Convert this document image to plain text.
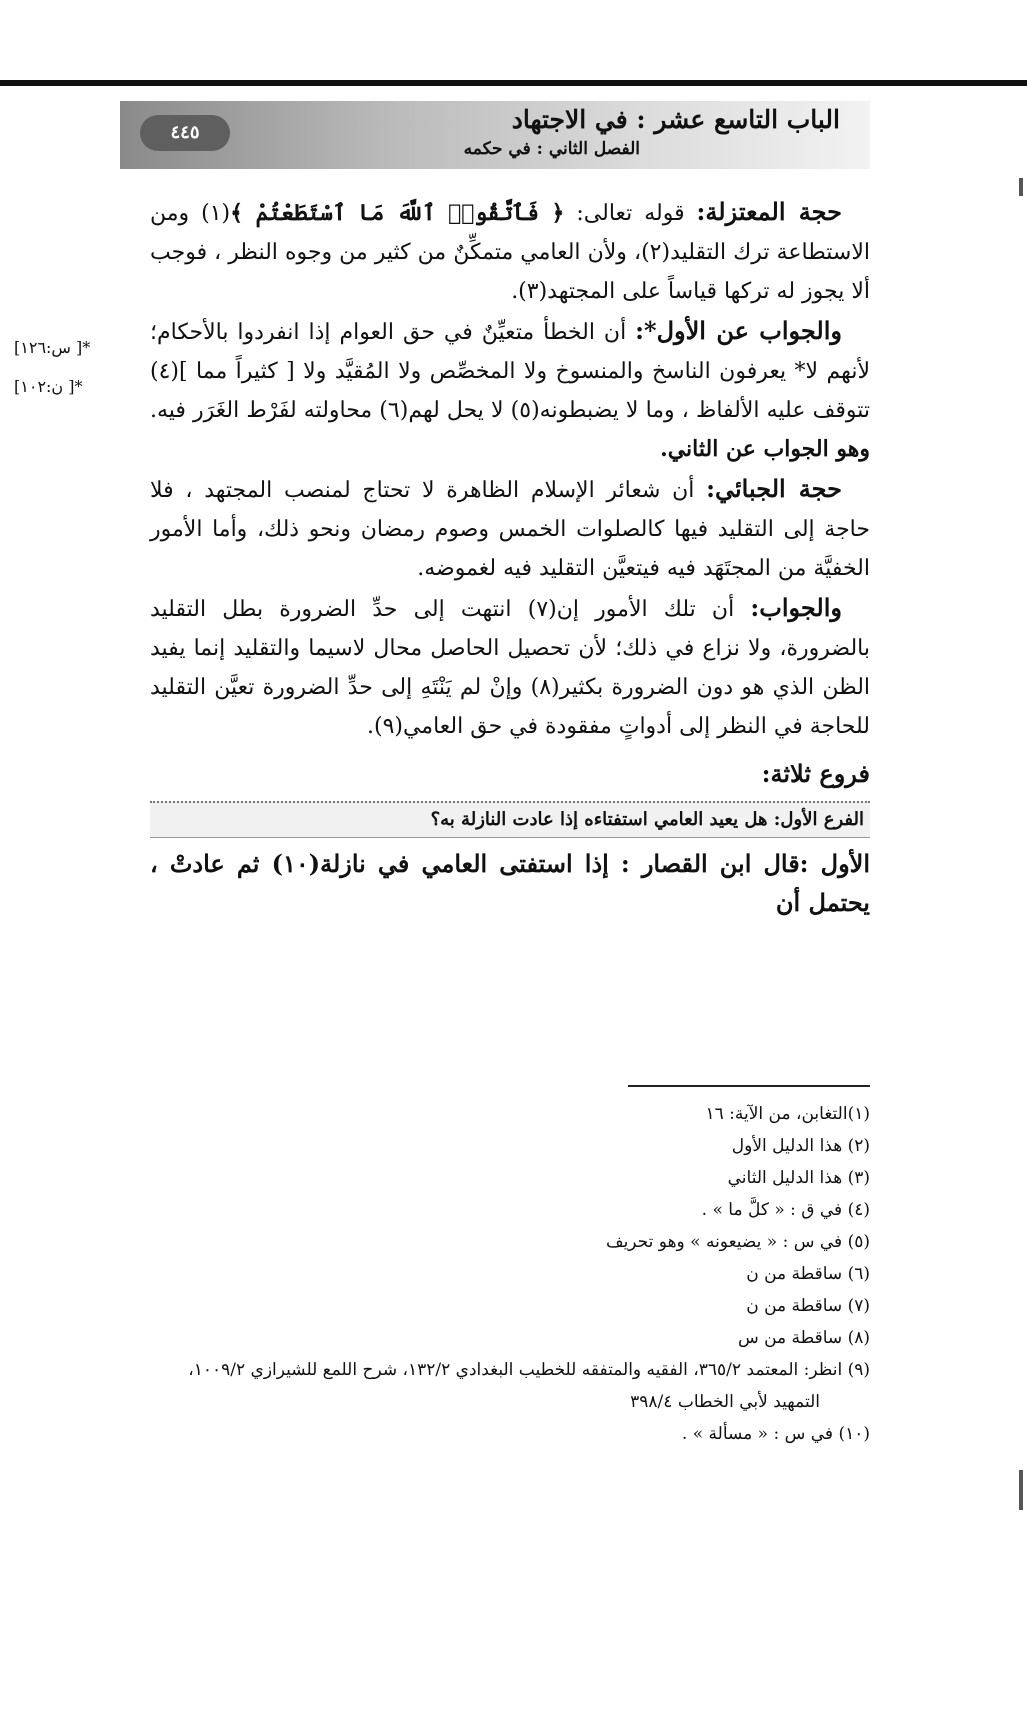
الباب التاسع عشر : في الاجتهاد
الفصل الثاني : في حكمه
٤٤٥
*[ س:١٢٦]
*[ ن:١٠٢]

حجة المعتزلة: قوله تعالى: ﴿ فَٱتَّقُوا۟ ٱللَّهَ مَا ٱسْتَطَعْتُمْ ﴾(١) ومن الاستطاعة ترك التقليد(٢)، ولأن العامي متمكِّنٌ من كثير من وجوه النظر ، فوجب ألا يجوز له تركها قياساً على المجتهد(٣).

والجواب عن الأول*: أن الخطأ متعيِّنٌ في حق العوام إذا انفردوا بالأحكام؛ لأنهم لا* يعرفون الناسخ والمنسوخ ولا المخصِّص ولا المُقيَّد ولا [ كثيراً مما ](٤) تتوقف عليه الألفاظ ، وما لا يضبطونه(٥) لا يحل لهم(٦) محاولته لفَرْط الغَرَر فيه. وهو الجواب عن الثاني.

حجة الجبائي: أن شعائر الإسلام الظاهرة لا تحتاج لمنصب المجتهد ، فلا حاجة إلى التقليد فيها كالصلوات الخمس وصوم رمضان ونحو ذلك، وأما الأمور الخفيَّة من المجتَهَد فيه فيتعيَّن التقليد فيه لغموضه.

والجواب: أن تلك الأمور إن(٧) انتهت إلى حدِّ الضرورة بطل التقليد بالضرورة، ولا نزاع في ذلك؛ لأن تحصيل الحاصل محال لاسيما والتقليد إنما يفيد الظن الذي هو دون الضرورة بكثير(٨) وإنْ لم يَنْتَهِ إلى حدِّ الضرورة تعيَّن التقليد للحاجة في النظر إلى أدواتٍ مفقودة في حق العامي(٩).

فروع ثلاثة:

الفرع الأول: هل يعيد العامي استفتاءه إذا عادت النازلة به؟

الأول :قال ابن القصار : إذا استفتى العامي في نازلة(١٠) ثم عادتْ ، يحتمل أن

(١)التغابن، من الآية: ١٦

(٢) هذا الدليل الأول

(٣) هذا الدليل الثاني

(٤) في ق : « كلَّ ما » .

(٥) في س : « يضيعونه » وهو تحريف

(٦) ساقطة من ن

(٧) ساقطة من ن

(٨) ساقطة من س

(٩) انظر: المعتمد ٣٦٥/٢، الفقيه والمتفقه للخطيب البغدادي ١٣٢/٢، شرح اللمع للشيرازي ١٠٠٩/٢،

التمهيد لأبي الخطاب ٣٩٨/٤

(١٠) في س : « مسألة » .
